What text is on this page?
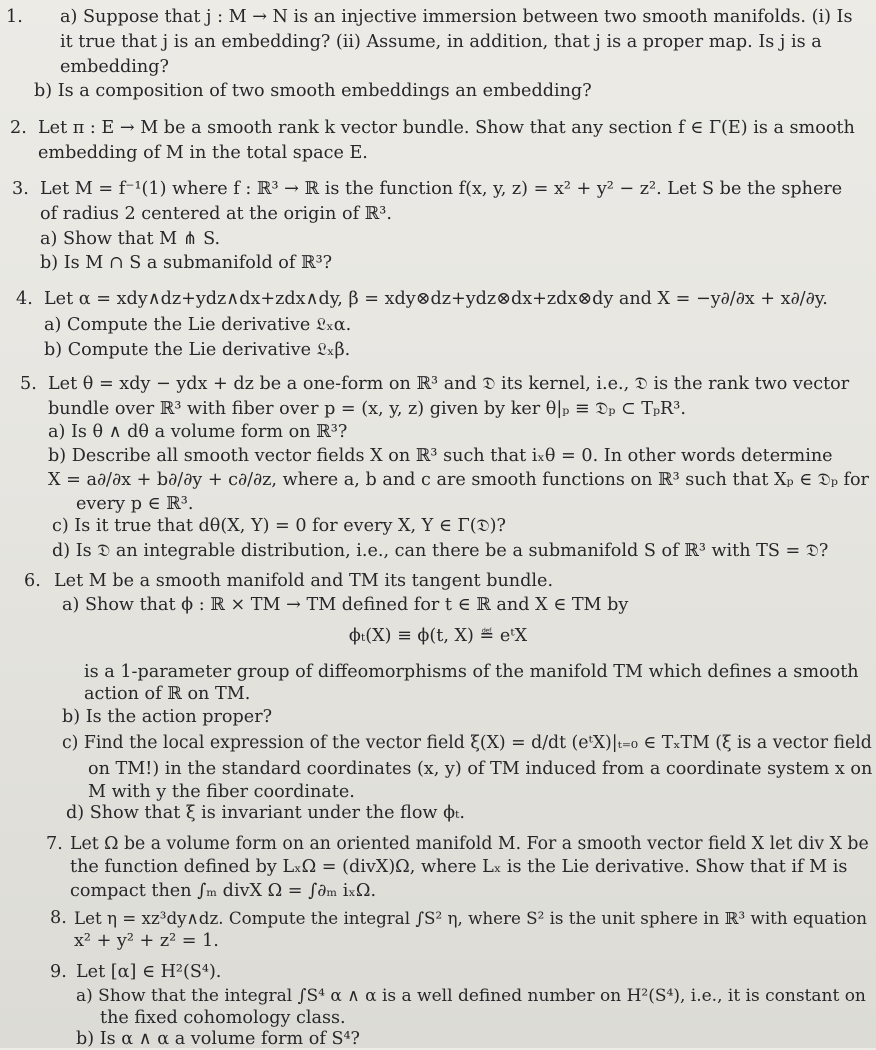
1. a) Suppose that j : M → N is an injective immersion between two smooth manifolds. (i) Is
it true that j is an embedding? (ii) Assume, in addition, that j is a proper map. Is j is a
embedding?
b) Is a composition of two smooth embeddings an embedding?
2. Let π : E → M be a smooth rank k vector bundle. Show that any section f ∈ Γ(E) is a smooth
embedding of M in the total space E.
3. Let M = f⁻¹(1) where f : ℝ³ → ℝ is the function f(x, y, z) = x² + y² − z². Let S be the sphere
of radius 2 centered at the origin of ℝ³.
a) Show that M ⋔ S.
b) Is M ∩ S a submanifold of ℝ³?
4. Let α = xdy∧dz+ydz∧dx+zdx∧dy, β = xdy⊗dz+ydz⊗dx+zdx⊗dy and X = −y∂/∂x + x∂/∂y.
a) Compute the Lie derivative 𝔏ₓα.
b) Compute the Lie derivative 𝔏ₓβ.
5. Let θ = xdy − ydx + dz be a one-form on ℝ³ and 𝔇 its kernel, i.e., 𝔇 is the rank two vector
bundle over ℝ³ with fiber over p = (x, y, z) given by ker θ|ₚ ≡ 𝔇ₚ ⊂ TₚR³.
a) Is θ ∧ dθ a volume form on ℝ³?
b) Describe all smooth vector fields X on ℝ³ such that iₓθ = 0. In other words determine
X = a∂/∂x + b∂/∂y + c∂/∂z, where a, b and c are smooth functions on ℝ³ such that Xₚ ∈ 𝔇ₚ for
every p ∈ ℝ³.
c) Is it true that dθ(X, Y) = 0 for every X, Y ∈ Γ(𝔇)?
d) Is 𝔇 an integrable distribution, i.e., can there be a submanifold S of ℝ³ with TS = 𝔇?
6. Let M be a smooth manifold and TM its tangent bundle.
a) Show that ϕ : ℝ × TM → TM defined for t ∈ ℝ and X ∈ TM by
ϕₜ(X) ≡ ϕ(t, X) ≝ eᵗX
is a 1-parameter group of diffeomorphisms of the manifold TM which defines a smooth
action of ℝ on TM.
b) Is the action proper?
c) Find the local expression of the vector field ξ(X) = d/dt (eᵗX)|ₜ₌₀ ∈ TₓTM (ξ is a vector field
on TM!) in the standard coordinates (x, y) of TM induced from a coordinate system x on
M with y the fiber coordinate.
d) Show that ξ is invariant under the flow ϕₜ.
7. Let Ω be a volume form on an oriented manifold M. For a smooth vector field X let div X be
the function defined by LₓΩ = (divX)Ω, where Lₓ is the Lie derivative. Show that if M is
compact then ∫ₘ divX Ω = ∫∂ₘ iₓΩ.
8. Let η = xz³dy∧dz. Compute the integral ∫S² η, where S² is the unit sphere in ℝ³ with equation
x² + y² + z² = 1.
9. Let [α] ∈ H²(S⁴).
a) Show that the integral ∫S⁴ α ∧ α is a well defined number on H²(S⁴), i.e., it is constant on
the fixed cohomology class.
b) Is α ∧ α a volume form of S⁴?
